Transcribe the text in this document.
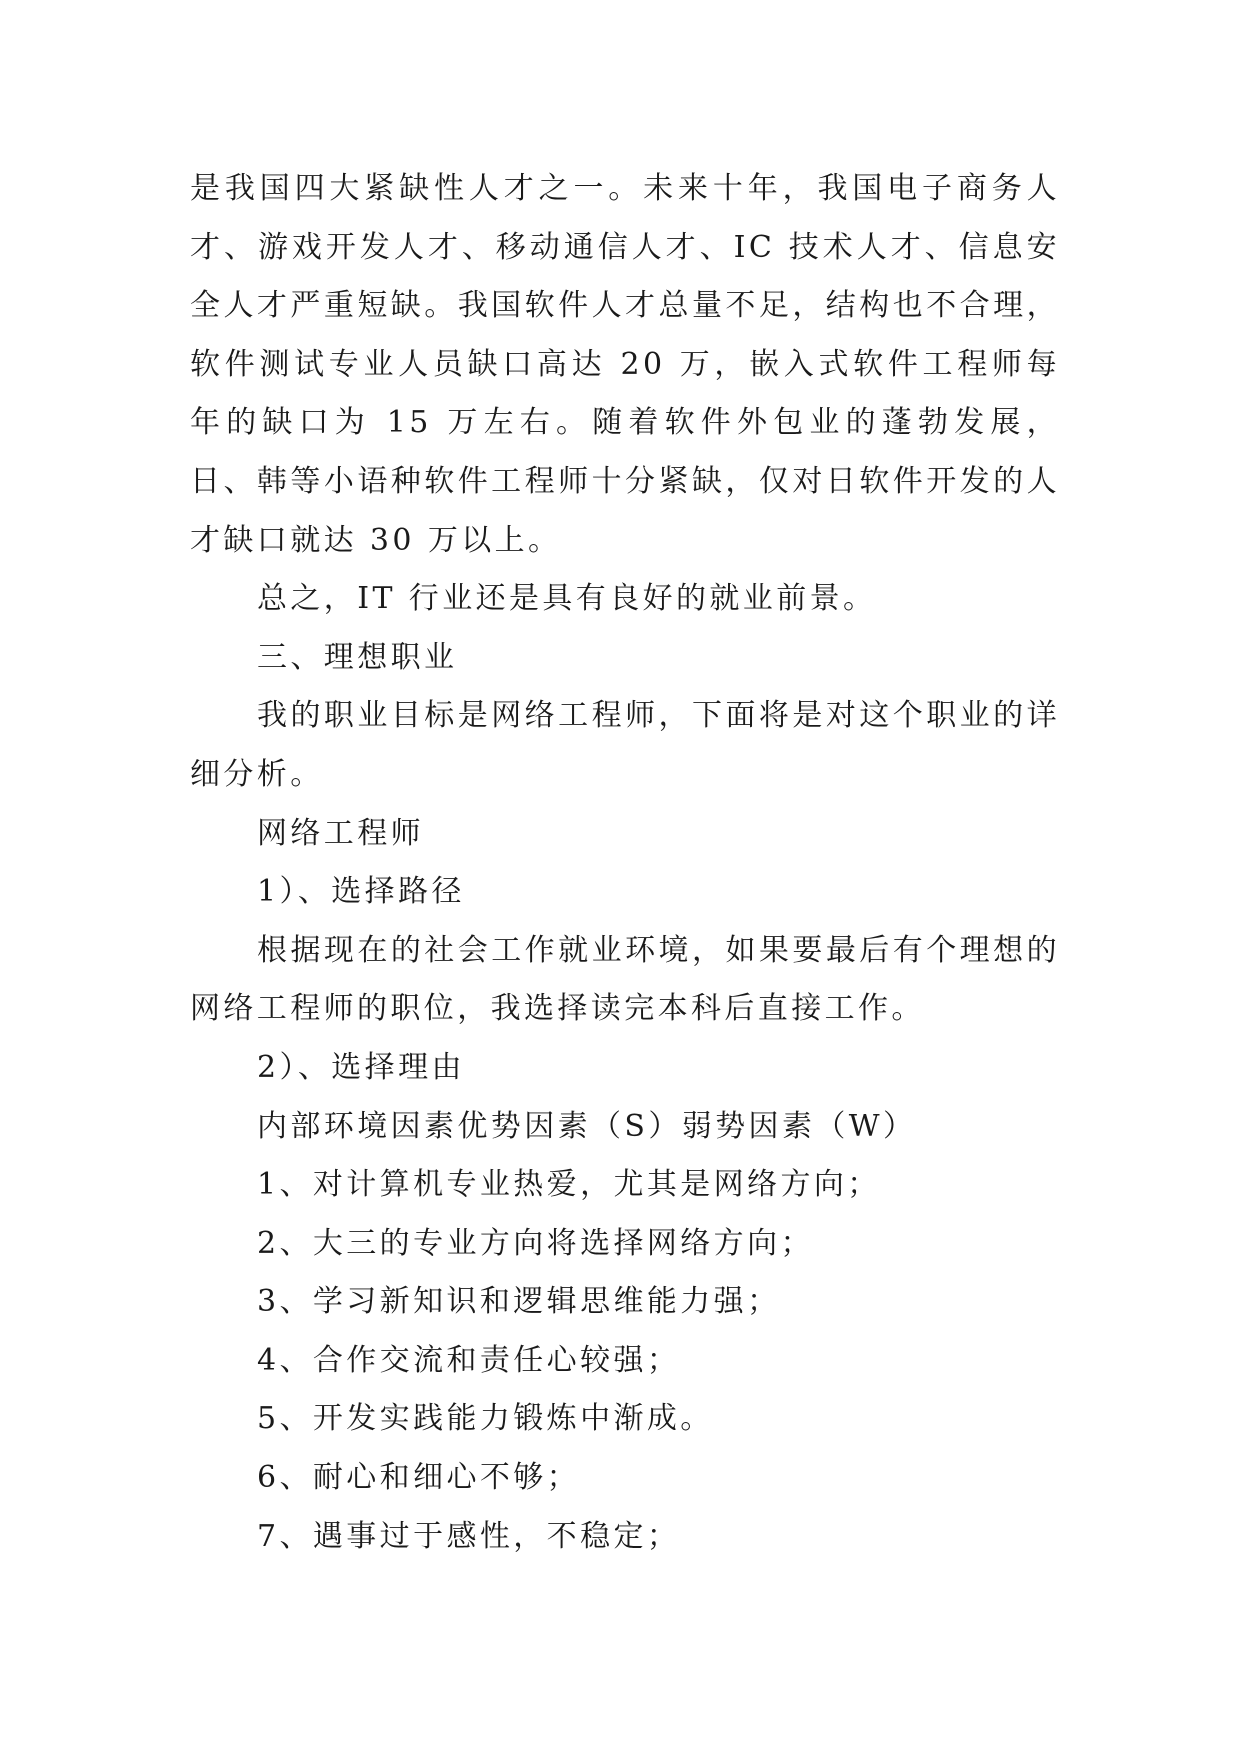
是我国四大紧缺性人才之一。未来十年，我国电子商务人才、游戏开发人才、移动通信人才、IC 技术人才、信息安全人才严重短缺。我国软件人才总量不足，结构也不合理，软件测试专业人员缺口高达 20 万，嵌入式软件工程师每年的缺口为 15 万左右。随着软件外包业的蓬勃发展，日、韩等小语种软件工程师十分紧缺，仅对日软件开发的人才缺口就达 30 万以上。

总之，IT 行业还是具有良好的就业前景。

三、理想职业

我的职业目标是网络工程师，下面将是对这个职业的详细分析。

网络工程师

1）、选择路径

根据现在的社会工作就业环境，如果要最后有个理想的网络工程师的职位，我选择读完本科后直接工作。

2）、选择理由

内部环境因素优势因素（S）弱势因素（W）

1、对计算机专业热爱，尤其是网络方向；

2、大三的专业方向将选择网络方向；

3、学习新知识和逻辑思维能力强；

4、合作交流和责任心较强；

5、开发实践能力锻炼中渐成。

6、耐心和细心不够；

7、遇事过于感性，不稳定；
